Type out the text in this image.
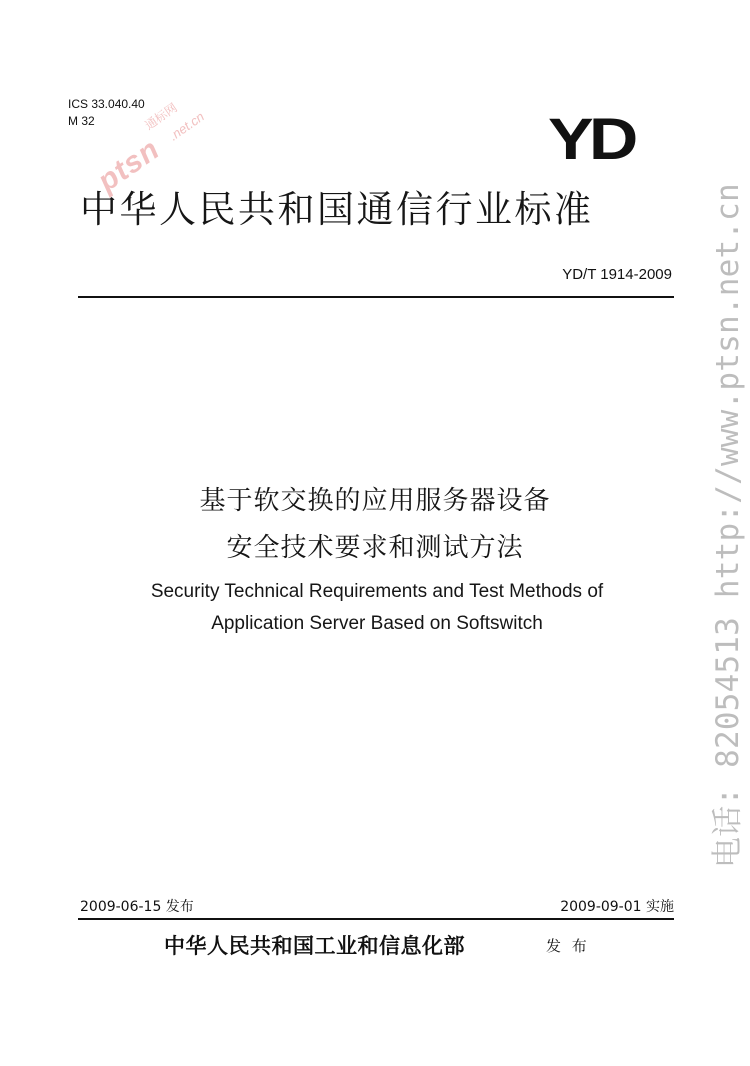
通标网
ptsn
.net.cn
ICS 33.040.40
M 32	YD
中华人民共和国通信行业标准
YD/T 1914-2009
基于软交换的应用服务器设备
安全技术要求和测试方法
Security Technical Requirements and Test Methods of
Application Server Based on Softswitch
2009-06-15 发布	2009-09-01 实施
中华人民共和国工业和信息化部	发 布
电话: 82054513 http://www.ptsn.net.cn
